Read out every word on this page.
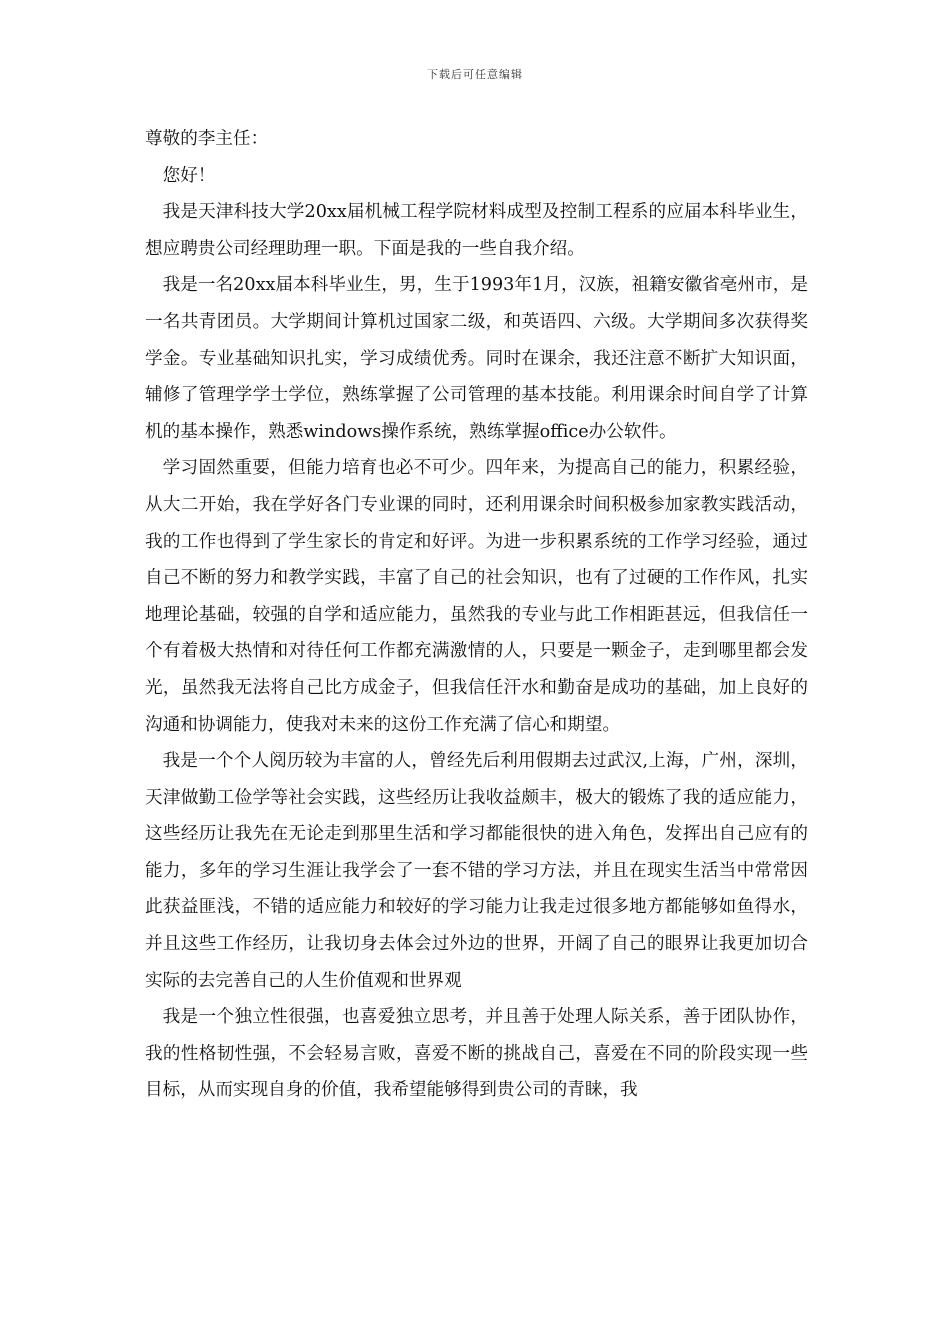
下载后可任意编辑

尊敬的李主任：

您好！

我是天津科技大学20xx届机械工程学院材料成型及控制工程系的应届本科毕业生，想应聘贵公司经理助理一职。下面是我的一些自我介绍。

我是一名20xx届本科毕业生，男，生于1993年1月，汉族，祖籍安徽省亳州市，是一名共青团员。大学期间计算机过国家二级，和英语四、六级。大学期间多次获得奖学金。专业基础知识扎实，学习成绩优秀。同时在课余，我还注意不断扩大知识面，辅修了管理学学士学位，熟练掌握了公司管理的基本技能。利用课余时间自学了计算机的基本操作，熟悉windows操作系统，熟练掌握office办公软件。

学习固然重要，但能力培育也必不可少。四年来，为提高自己的能力，积累经验，从大二开始，我在学好各门专业课的同时，还利用课余时间积极参加家教实践活动，我的工作也得到了学生家长的肯定和好评。为进一步积累系统的工作学习经验，通过自己不断的努力和教学实践，丰富了自己的社会知识，也有了过硬的工作作风，扎实地理论基础，较强的自学和适应能力，虽然我的专业与此工作相距甚远，但我信任一个有着极大热情和对待任何工作都充满激情的人，只要是一颗金子，走到哪里都会发光，虽然我无法将自己比方成金子，但我信任汗水和勤奋是成功的基础，加上良好的沟通和协调能力，使我对未来的这份工作充满了信心和期望。

我是一个个人阅历较为丰富的人，曾经先后利用假期去过武汉,上海，广州，深圳，天津做勤工俭学等社会实践，这些经历让我收益颇丰，极大的锻炼了我的适应能力，这些经历让我先在无论走到那里生活和学习都能很快的进入角色，发挥出自己应有的能力，多年的学习生涯让我学会了一套不错的学习方法，并且在现实生活当中常常因此获益匪浅，不错的适应能力和较好的学习能力让我走过很多地方都能够如鱼得水，并且这些工作经历，让我切身去体会过外边的世界，开阔了自己的眼界让我更加切合实际的去完善自己的人生价值观和世界观

我是一个独立性很强，也喜爱独立思考，并且善于处理人际关系，善于团队协作，我的性格韧性强，不会轻易言败，喜爱不断的挑战自己，喜爱在不同的阶段实现一些目标，从而实现自身的价值，我希望能够得到贵公司的青睐，我
